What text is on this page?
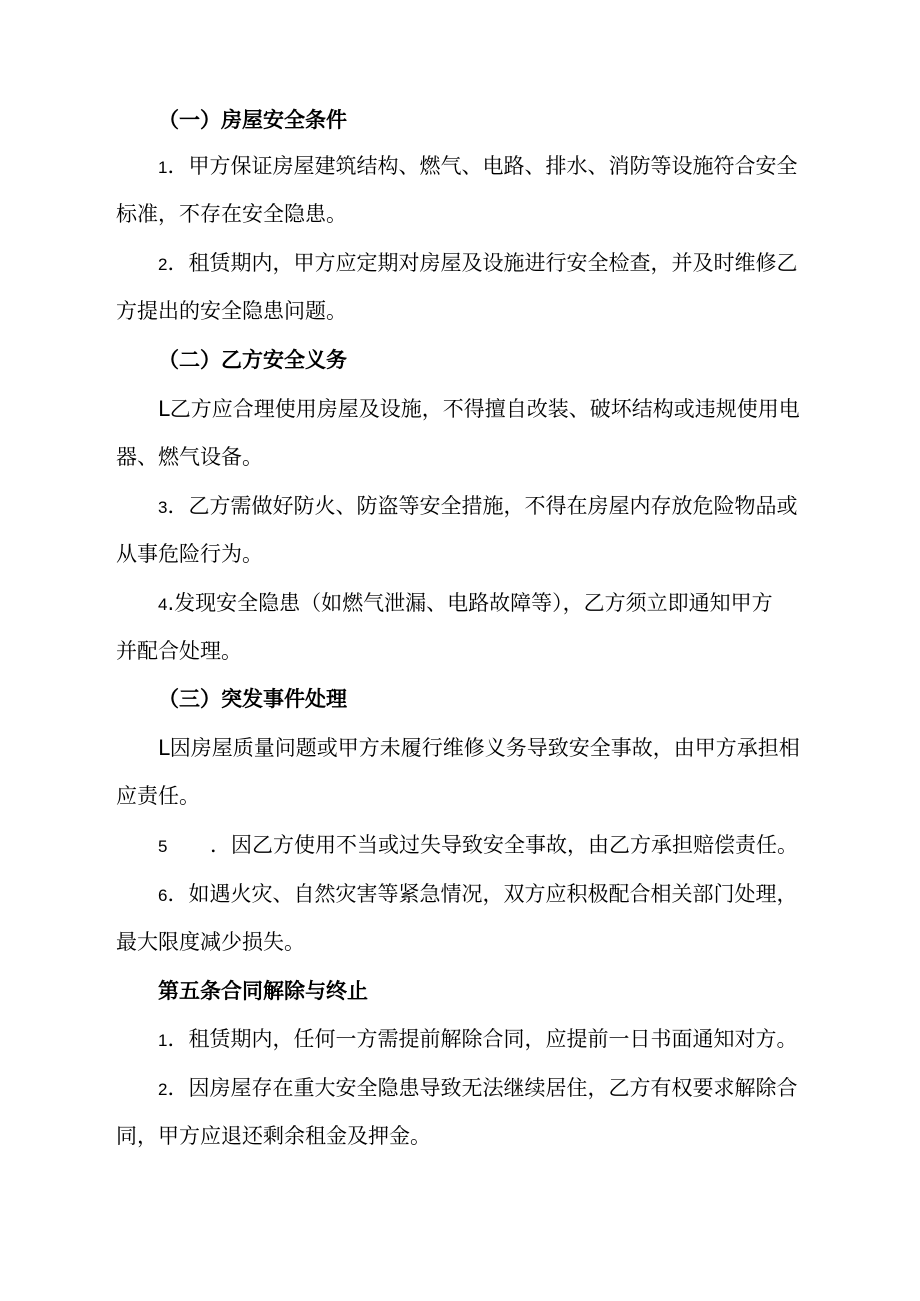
（一）房屋安全条件
1．甲方保证房屋建筑结构、燃气、电路、排水、消防等设施符合安全
标准，不存在安全隐患。
2．租赁期内，甲方应定期对房屋及设施进行安全检查，并及时维修乙
方提出的安全隐患问题。
（二）乙方安全义务
L乙方应合理使用房屋及设施，不得擅自改装、破坏结构或违规使用电
器、燃气设备。
3．乙方需做好防火、防盗等安全措施，不得在房屋内存放危险物品或
从事危险行为。
4.发现安全隐患（如燃气泄漏、电路故障等），乙方须立即通知甲方
并配合处理。
（三）突发事件处理
L因房屋质量问题或甲方未履行维修义务导致安全事故，由甲方承担相
应责任。
5 ．因乙方使用不当或过失导致安全事故，由乙方承担赔偿责任。
6．如遇火灾、自然灾害等紧急情况，双方应积极配合相关部门处理，
最大限度减少损失。
第五条合同解除与终止
1．租赁期内，任何一方需提前解除合同，应提前一日书面通知对方。
2．因房屋存在重大安全隐患导致无法继续居住，乙方有权要求解除合
同，甲方应退还剩余租金及押金。
